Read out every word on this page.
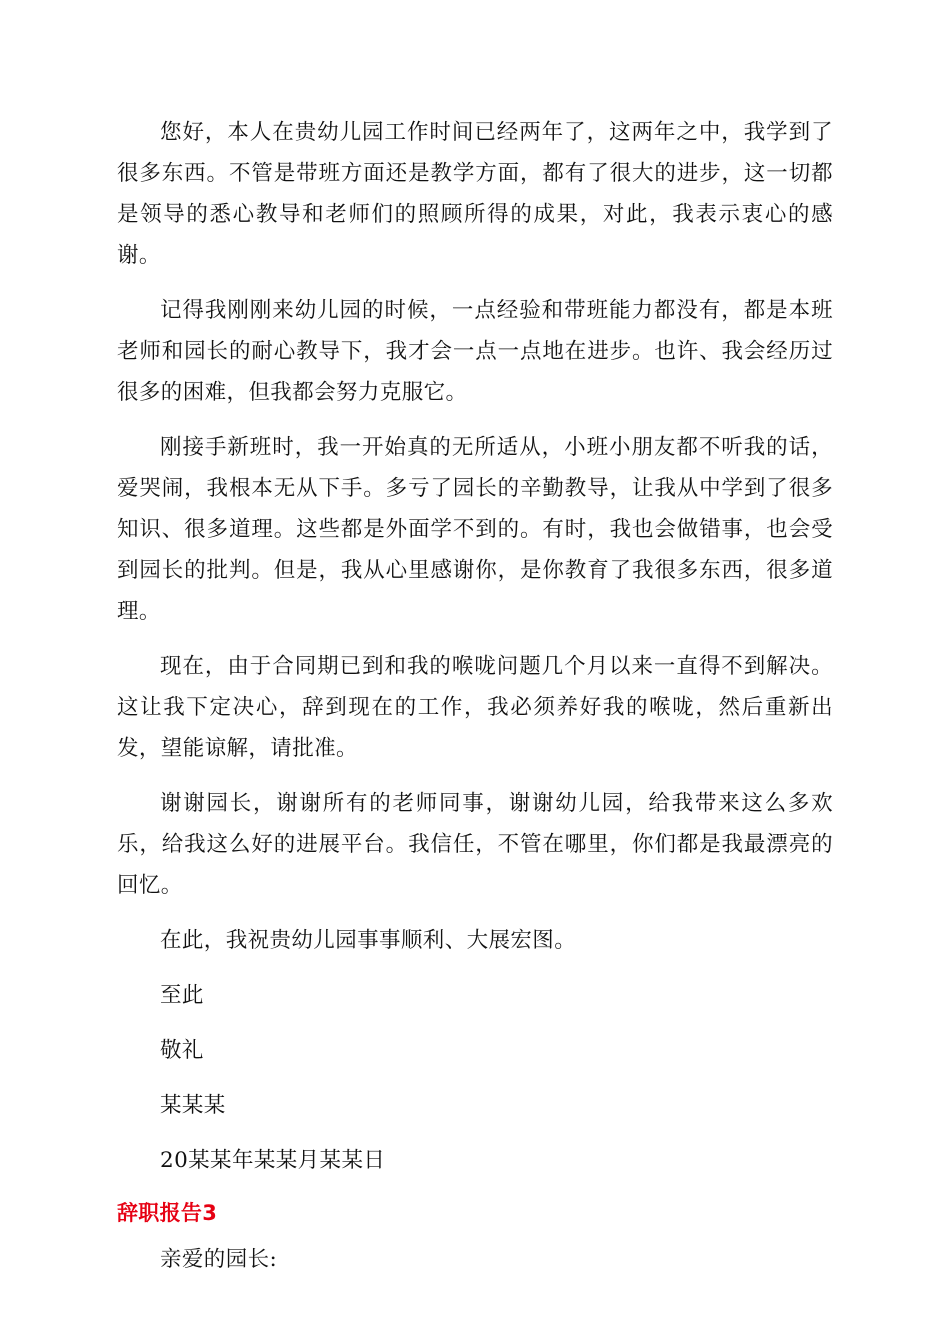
您好，本人在贵幼儿园工作时间已经两年了，这两年之中，我学到了很多东西。不管是带班方面还是教学方面，都有了很大的进步，这一切都是领导的悉心教导和老师们的照顾所得的成果，对此，我表示衷心的感谢。

记得我刚刚来幼儿园的时候，一点经验和带班能力都没有，都是本班老师和园长的耐心教导下，我才会一点一点地在进步。也许、我会经历过很多的困难，但我都会努力克服它。

刚接手新班时，我一开始真的无所适从，小班小朋友都不听我的话，爱哭闹，我根本无从下手。多亏了园长的辛勤教导，让我从中学到了很多知识、很多道理。这些都是外面学不到的。有时，我也会做错事，也会受到园长的批判。但是，我从心里感谢你，是你教育了我很多东西，很多道理。

现在，由于合同期已到和我的喉咙问题几个月以来一直得不到解决。这让我下定决心，辞到现在的工作，我必须养好我的喉咙，然后重新出发，望能谅解，请批准。

谢谢园长，谢谢所有的老师同事，谢谢幼儿园，给我带来这么多欢乐，给我这么好的进展平台。我信任，不管在哪里，你们都是我最漂亮的回忆。

在此，我祝贵幼儿园事事顺利、大展宏图。

至此

敬礼

某某某

20某某年某某月某某日

辞职报告3

亲爱的园长:
